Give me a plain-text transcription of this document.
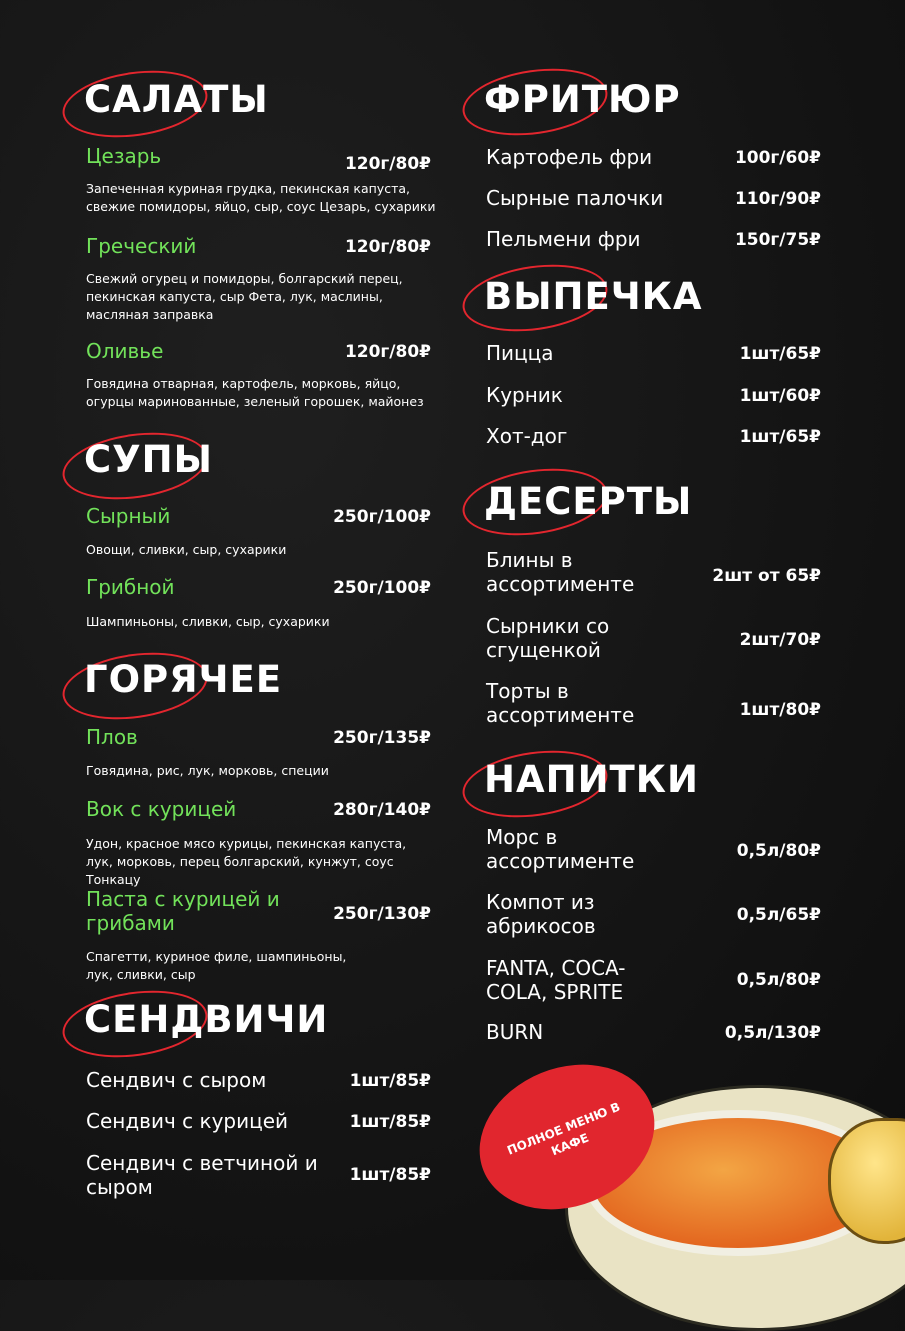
ПОЛНОЕ МЕНЮ В КАФЕ
САЛАТЫ
Цезарь	120г/80₽
Запеченная куриная грудка, пекинская капуста, свежие помидоры, яйцо, сыр, соус Цезарь, сухарики
Греческий	120г/80₽
Свежий огурец и помидоры, болгарский перец, пекинская капуста, сыр Фета, лук, маслины, масляная заправка
Оливье	120г/80₽
Говядина отварная, картофель, морковь, яйцо, огурцы маринованные, зеленый горошек, майонез
СУПЫ
Сырный	250г/100₽
Овощи, сливки, сыр, сухарики
Грибной	250г/100₽
Шампиньоны, сливки, сыр, сухарики
ГОРЯЧЕЕ
Плов	250г/135₽
Говядина, рис, лук, морковь, специи
Вок с курицей	280г/140₽
Удон, красное мясо курицы, пекинская капуста, лук, морковь, перец болгарский, кунжут, соус Тонкацу
Паста с курицей и грибами	250г/130₽
Спагетти, куриное филе, шампиньоны, лук, сливки, сыр
СЕНДВИЧИ
Сендвич с сыром	1шт/85₽
Сендвич с курицей	1шт/85₽
Сендвич с ветчиной и сыром	1шт/85₽
ФРИТЮР
Картофель фри	100г/60₽
Сырные палочки	110г/90₽
Пельмени фри	150г/75₽
ВЫПЕЧКА
Пицца	1шт/65₽
Курник	1шт/60₽
Хот-дог	1шт/65₽
ДЕСЕРТЫ
Блины в ассортименте	2шт от 65₽
Сырники со сгущенкой	2шт/70₽
Торты в ассортименте	1шт/80₽
НАПИТКИ
Морс в ассортименте	0,5л/80₽
Компот из абрикосов	0,5л/65₽
FANTA, COCA-COLA, SPRITE	0,5л/80₽
BURN	0,5л/130₽
